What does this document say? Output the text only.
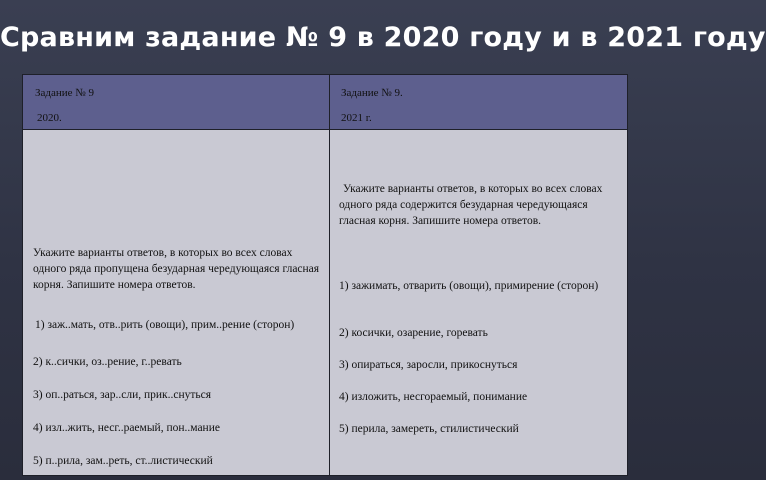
Сравним задание № 9 в 2020 году и в 2021 году
Задание № 9
2020.
Задание № 9.
2021 г.
Укажите варианты ответов, в которых во всех словах одного ряда пропущена безударная чередующаяся гласная корня. Запишите номера ответов.
1) заж..мать, отв..рить (овощи), прим..рение (сторон)
2) к..сички, оз..рение, г..ревать
3) оп..раться, зар..сли, прик..снуться
4) изл..жить, несг..раемый, пон..мание
5) п..рила, зам..реть, ст..листический
Укажите варианты ответов, в которых во всех словах одного ряда содержится безударная чередующаяся гласная корня. Запишите номера ответов.
1) зажимать, отварить (овощи), примирение (сторон)
2) косички, озарение, горевать
3) опираться, заросли, прикоснуться
4) изложить, несгораемый, понимание
5) перила, замереть, стилистический
